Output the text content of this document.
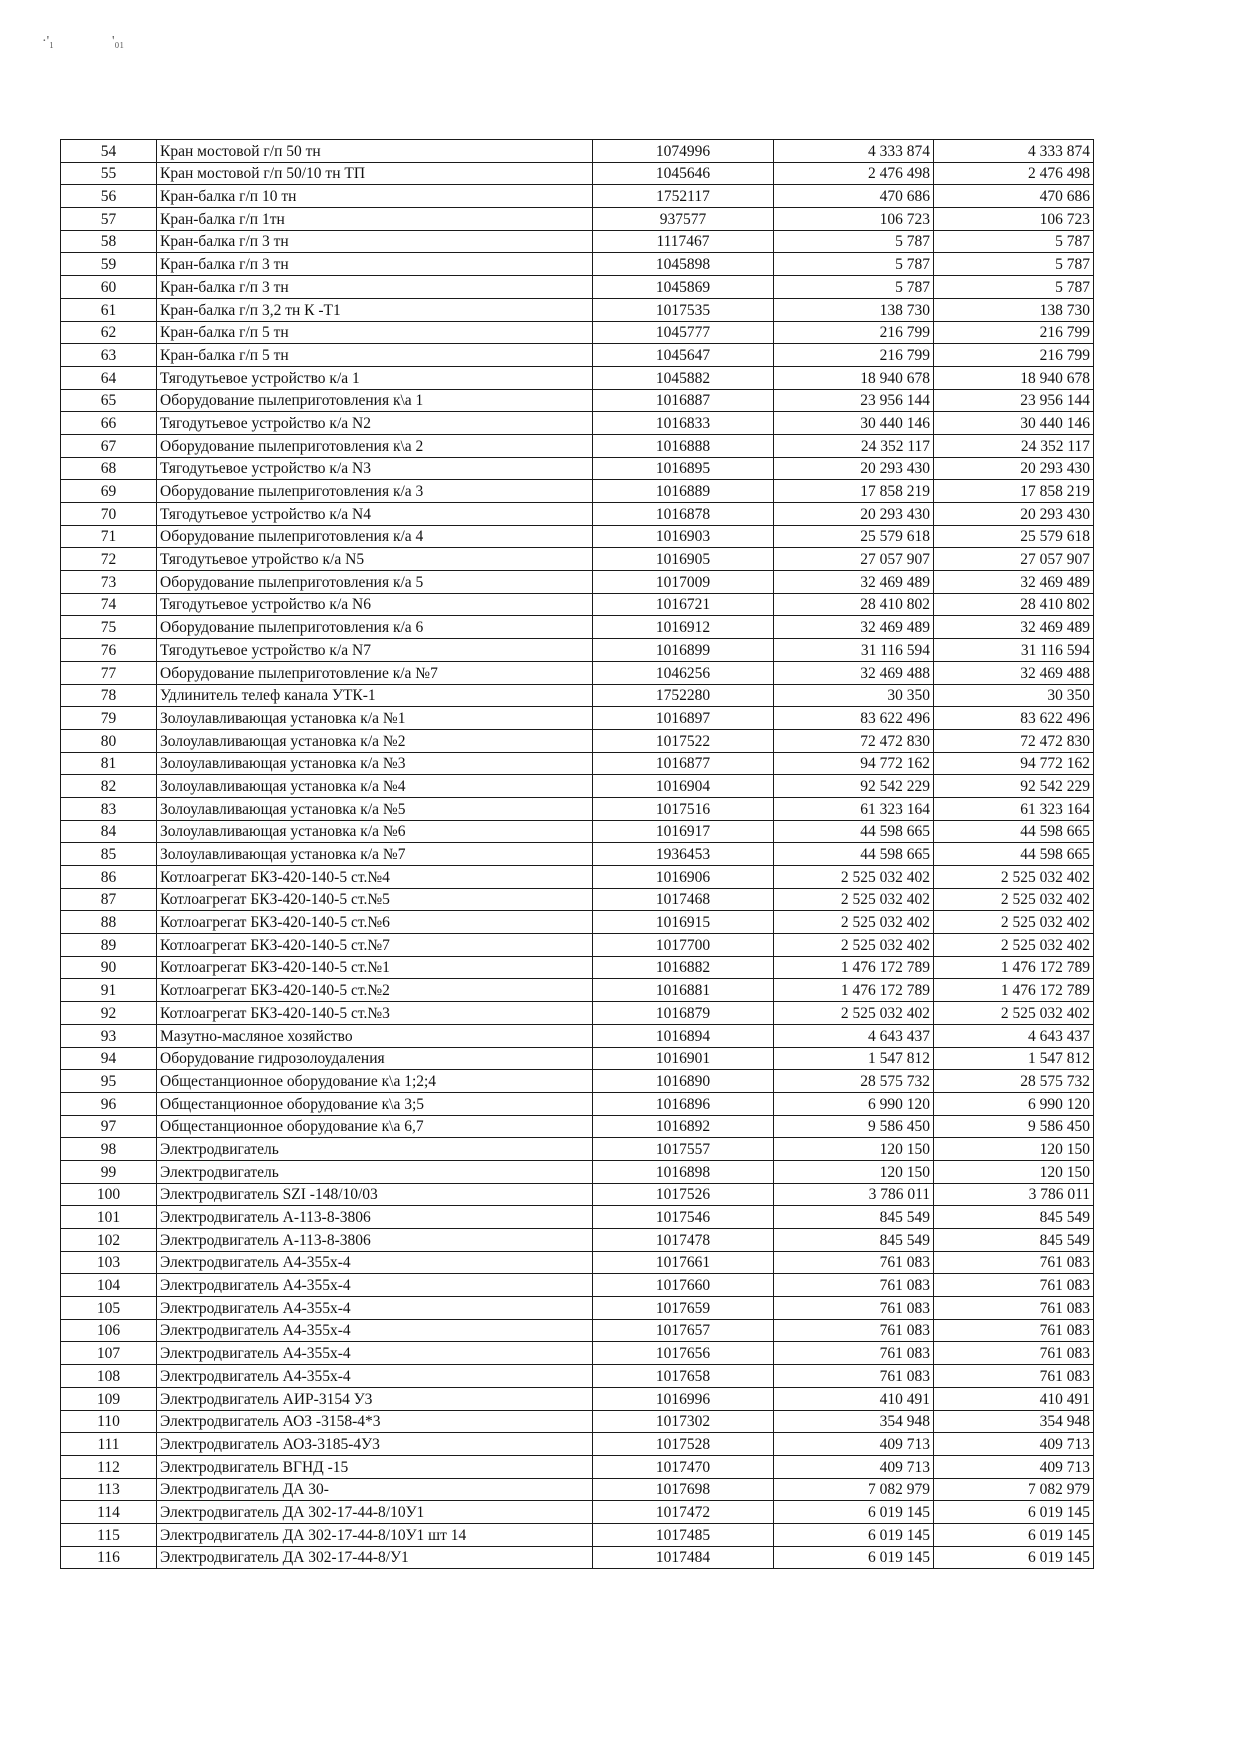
·'₁	'₀₁
54	Кран мостовой г/п 50 тн	1074996	4 333 874	4 333 874
55	Кран мостовой г/п 50/10 тн ТП	1045646	2 476 498	2 476 498
56	Кран-балка г/п 10 тн	1752117	470 686	470 686
57	Кран-балка г/п 1тн	937577	106 723	106 723
58	Кран-балка г/п 3 тн	1117467	5 787	5 787
59	Кран-балка г/п 3 тн	1045898	5 787	5 787
60	Кран-балка г/п 3 тн	1045869	5 787	5 787
61	Кран-балка г/п 3,2 тн К -Т1	1017535	138 730	138 730
62	Кран-балка г/п 5 тн	1045777	216 799	216 799
63	Кран-балка г/п 5 тн	1045647	216 799	216 799
64	Тягодутьевое устройство к/а 1	1045882	18 940 678	18 940 678
65	Оборудование пылеприготовления к\а 1	1016887	23 956 144	23 956 144
66	Тягодутьевое устройство к/а N2	1016833	30 440 146	30 440 146
67	Оборудование пылеприготовления к\а 2	1016888	24 352 117	24 352 117
68	Тягодутьевое устройство к/а N3	1016895	20 293 430	20 293 430
69	Оборудование пылеприготовления к/а 3	1016889	17 858 219	17 858 219
70	Тягодутьевое устройство к/а N4	1016878	20 293 430	20 293 430
71	Оборудование пылеприготовления к/а 4	1016903	25 579 618	25 579 618
72	Тягодутьевое утройство к/а N5	1016905	27 057 907	27 057 907
73	Оборудование пылеприготовления к/а 5	1017009	32 469 489	32 469 489
74	Тягодутьевое устройство к/а N6	1016721	28 410 802	28 410 802
75	Оборудование пылеприготовления к/а 6	1016912	32 469 489	32 469 489
76	Тягодутьевое устройство к/а N7	1016899	31 116 594	31 116 594
77	Оборудование пылеприготовление к/а №7	1046256	32 469 488	32 469 488
78	Удлинитель телеф канала УТК-1	1752280	30 350	30 350
79	Золоулавливающая установка к/а №1	1016897	83 622 496	83 622 496
80	Золоулавливающая установка к/а №2	1017522	72 472 830	72 472 830
81	Золоулавливающая установка к/а №3	1016877	94 772 162	94 772 162
82	Золоулавливающая установка к/а №4	1016904	92 542 229	92 542 229
83	Золоулавливающая установка к/а №5	1017516	61 323 164	61 323 164
84	Золоулавливающая установка к/а №6	1016917	44 598 665	44 598 665
85	Золоулавливающая установка к/а №7	1936453	44 598 665	44 598 665
86	Котлоагрегат БКЗ-420-140-5 ст.№4	1016906	2 525 032 402	2 525 032 402
87	Котлоагрегат БКЗ-420-140-5 ст.№5	1017468	2 525 032 402	2 525 032 402
88	Котлоагрегат БКЗ-420-140-5 ст.№6	1016915	2 525 032 402	2 525 032 402
89	Котлоагрегат БКЗ-420-140-5 ст.№7	1017700	2 525 032 402	2 525 032 402
90	Котлоагрегат БКЗ-420-140-5 ст.№1	1016882	1 476 172 789	1 476 172 789
91	Котлоагрегат БКЗ-420-140-5 ст.№2	1016881	1 476 172 789	1 476 172 789
92	Котлоагрегат БКЗ-420-140-5 ст.№3	1016879	2 525 032 402	2 525 032 402
93	Мазутно-масляное хозяйство	1016894	4 643 437	4 643 437
94	Оборудование гидрозолоудаления	1016901	1 547 812	1 547 812
95	Общестанционное оборудование к\а 1;2;4	1016890	28 575 732	28 575 732
96	Общестанционное оборудование к\а 3;5	1016896	6 990 120	6 990 120
97	Общестанционное оборудование к\а 6,7	1016892	9 586 450	9 586 450
98	Электродвигатель	1017557	120 150	120 150
99	Электродвигатель	1016898	120 150	120 150
100	Электродвигатель SZI -148/10/03	1017526	3 786 011	3 786 011
101	Электродвигатель А-113-8-3806	1017546	845 549	845 549
102	Электродвигатель А-113-8-3806	1017478	845 549	845 549
103	Электродвигатель А4-355х-4	1017661	761 083	761 083
104	Электродвигатель А4-355х-4	1017660	761 083	761 083
105	Электродвигатель А4-355х-4	1017659	761 083	761 083
106	Электродвигатель А4-355х-4	1017657	761 083	761 083
107	Электродвигатель А4-355х-4	1017656	761 083	761 083
108	Электродвигатель А4-355х-4	1017658	761 083	761 083
109	Электродвигатель АИР-3154 У3	1016996	410 491	410 491
110	Электродвигатель АОЗ -3158-4*3	1017302	354 948	354 948
111	Электродвигатель АОЗ-3185-4У3	1017528	409 713	409 713
112	Электродвигатель ВГНД -15	1017470	409 713	409 713
113	Электродвигатель ДА 30-	1017698	7 082 979	7 082 979
114	Электродвигатель ДА 302-17-44-8/10У1	1017472	6 019 145	6 019 145
115	Электродвигатель ДА 302-17-44-8/10У1 шт 14	1017485	6 019 145	6 019 145
116	Электродвигатель ДА 302-17-44-8/У1	1017484	6 019 145	6 019 145
